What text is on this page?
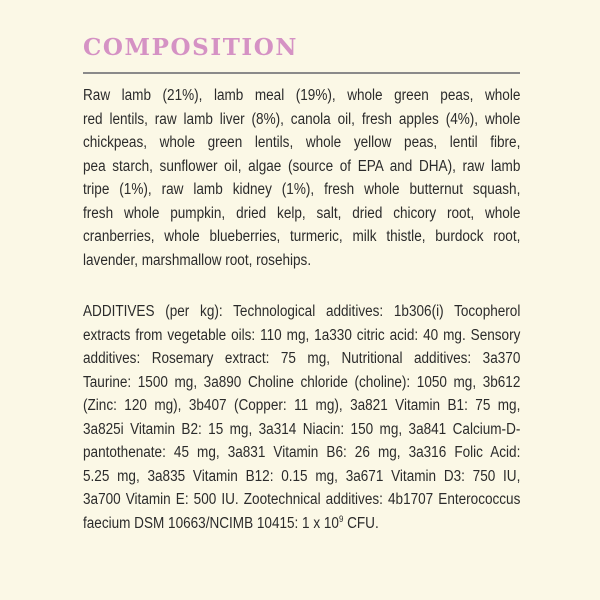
COMPOSITION
Raw lamb (21%), lamb meal (19%), whole green peas, whole
red lentils, raw lamb liver (8%), canola oil, fresh apples (4%), whole
chickpeas, whole green lentils, whole yellow peas, lentil fibre,
pea starch, sunflower oil, algae (source of EPA and DHA), raw lamb
tripe (1%), raw lamb kidney (1%), fresh whole butternut squash,
fresh whole pumpkin, dried kelp, salt, dried chicory root, whole
cranberries, whole blueberries, turmeric, milk thistle, burdock root,
lavender, marshmallow root, rosehips.
ADDITIVES (per kg): Technological additives: 1b306(i) Tocopherol
extracts from vegetable oils: 110 mg, 1a330 citric acid: 40 mg. Sensory
additives: Rosemary extract: 75 mg, Nutritional additives: 3a370
Taurine: 1500 mg, 3a890 Choline chloride (choline): 1050 mg, 3b612
(Zinc: 120 mg), 3b407 (Copper: 11 mg), 3a821 Vitamin B1: 75 mg,
3a825i Vitamin B2: 15 mg, 3a314 Niacin: 150 mg, 3a841 Calcium-D-
pantothenate: 45 mg, 3a831 Vitamin B6: 26 mg, 3a316 Folic Acid:
5.25 mg, 3a835 Vitamin B12: 0.15 mg, 3a671 Vitamin D3: 750 IU,
3a700 Vitamin E: 500 IU. Zootechnical additives: 4b1707 Enterococcus
faecium DSM 10663/NCIMB 10415: 1 x $10^9$ CFU.
